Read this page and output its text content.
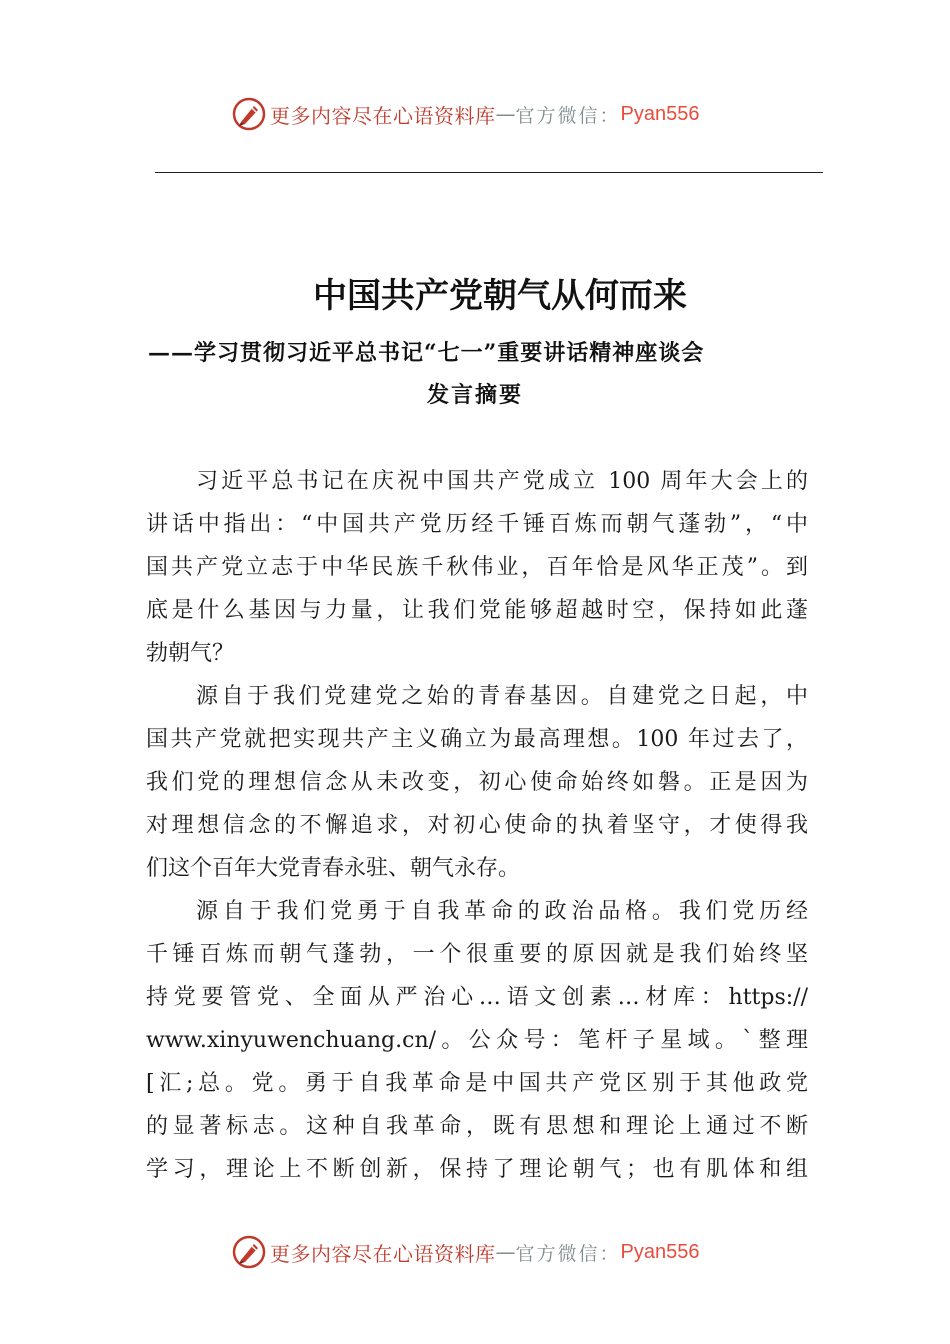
更多内容尽在心语资料库 — 官方微信： Pyan556
中国共产党朝气从何而来
——学习贯彻习近平总书记“七一”重要讲话精神座谈会
发言摘要
习近平总书记在庆祝中国共产党成立 100 周年大会上的
讲话中指出：“中国共产党历经千锤百炼而朝气蓬勃”，“中
国共产党立志于中华民族千秋伟业，百年恰是风华正茂”。到
底是什么基因与力量，让我们党能够超越时空，保持如此蓬
勃朝气？
源自于我们党建党之始的青春基因。自建党之日起，中
国共产党就把实现共产主义确立为最高理想。100 年过去了，
我们党的理想信念从未改变，初心使命始终如磐。正是因为
对理想信念的不懈追求，对初心使命的执着坚守，才使得我
们这个百年大党青春永驻、朝气永存。
源自于我们党勇于自我革命的政治品格。我们党历经
千锤百炼而朝气蓬勃，一个很重要的原因就是我们始终坚
持党要管党、全面从严治心…语文创素…材库：https://
www.xinyuwenchuang.cn/。公众号：笔杆子星域。`整理
[汇;总。党。勇于自我革命是中国共产党区别于其他政党
的显著标志。这种自我革命，既有思想和理论上通过不断
学习，理论上不断创新，保持了理论朝气；也有肌体和组
更多内容尽在心语资料库 — 官方微信： Pyan556
